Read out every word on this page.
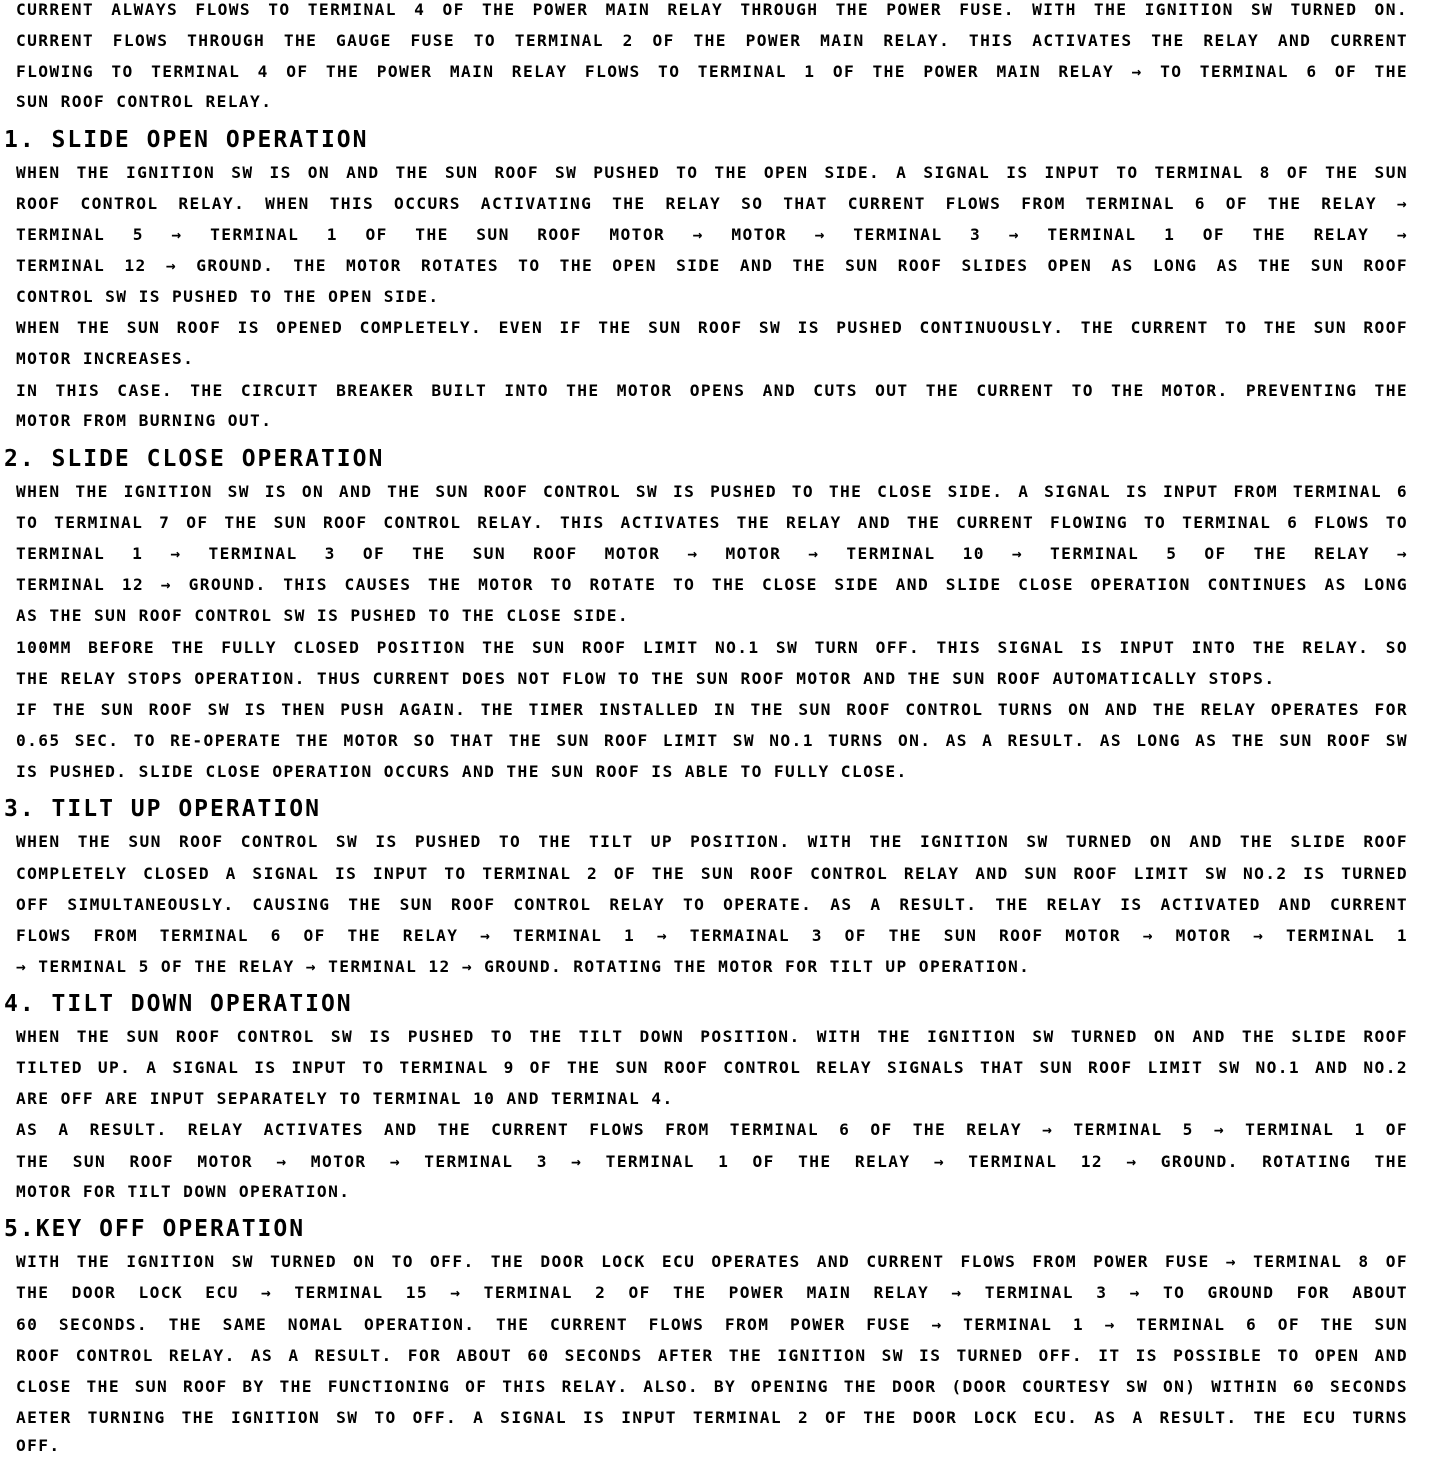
CURRENT ALWAYS FLOWS TO TERMINAL 4 OF THE POWER MAIN RELAY THROUGH THE POWER FUSE. WITH THE IGNITION SW TURNED ON.
CURRENT FLOWS THROUGH THE GAUGE FUSE TO TERMINAL 2 OF THE POWER MAIN RELAY. THIS ACTIVATES THE RELAY AND CURRENT
FLOWING TO TERMINAL 4 OF THE POWER MAIN RELAY FLOWS TO TERMINAL 1 OF THE POWER MAIN RELAY → TO TERMINAL 6 OF THE
SUN ROOF CONTROL RELAY.
1. SLIDE OPEN OPERATION
WHEN THE IGNITION SW IS ON AND THE SUN ROOF SW PUSHED TO THE OPEN SIDE. A SIGNAL IS INPUT TO TERMINAL 8 OF THE SUN
ROOF CONTROL RELAY. WHEN THIS OCCURS ACTIVATING THE RELAY SO THAT CURRENT FLOWS FROM TERMINAL 6 OF THE RELAY →
TERMINAL 5 → TERMINAL 1 OF THE SUN ROOF MOTOR → MOTOR → TERMINAL 3 → TERMINAL 1 OF THE RELAY →
TERMINAL 12 → GROUND. THE MOTOR ROTATES TO THE OPEN SIDE AND THE SUN ROOF SLIDES OPEN AS LONG AS THE SUN ROOF
CONTROL SW IS PUSHED TO THE OPEN SIDE.
WHEN THE SUN ROOF IS OPENED COMPLETELY. EVEN IF THE SUN ROOF SW IS PUSHED CONTINUOUSLY. THE CURRENT TO THE SUN ROOF
MOTOR INCREASES.
IN THIS CASE. THE CIRCUIT BREAKER BUILT INTO THE MOTOR OPENS AND CUTS OUT THE CURRENT TO THE MOTOR. PREVENTING THE
MOTOR FROM BURNING OUT.
2. SLIDE CLOSE OPERATION
WHEN THE IGNITION SW IS ON AND THE SUN ROOF CONTROL SW IS PUSHED TO THE CLOSE SIDE. A SIGNAL IS INPUT FROM TERMINAL 6
TO TERMINAL 7 OF THE SUN ROOF CONTROL RELAY. THIS ACTIVATES THE RELAY AND THE CURRENT FLOWING TO TERMINAL 6 FLOWS TO
TERMINAL 1 → TERMINAL 3 OF THE SUN ROOF MOTOR → MOTOR → TERMINAL 10 → TERMINAL 5 OF THE RELAY →
TERMINAL 12 → GROUND. THIS CAUSES THE MOTOR TO ROTATE TO THE CLOSE SIDE AND SLIDE CLOSE OPERATION CONTINUES AS LONG
AS THE SUN ROOF CONTROL SW IS PUSHED TO THE CLOSE SIDE.
100MM BEFORE THE FULLY CLOSED POSITION THE SUN ROOF LIMIT NO.1 SW TURN OFF. THIS SIGNAL IS INPUT INTO THE RELAY. SO
THE RELAY STOPS OPERATION. THUS CURRENT DOES NOT FLOW TO THE SUN ROOF MOTOR AND THE SUN ROOF AUTOMATICALLY STOPS.
IF THE SUN ROOF SW IS THEN PUSH AGAIN. THE TIMER INSTALLED IN THE SUN ROOF CONTROL TURNS ON AND THE RELAY OPERATES FOR
0.65 SEC. TO RE-OPERATE THE MOTOR SO THAT THE SUN ROOF LIMIT SW NO.1 TURNS ON. AS A RESULT. AS LONG AS THE SUN ROOF SW
IS PUSHED. SLIDE CLOSE OPERATION OCCURS AND THE SUN ROOF IS ABLE TO FULLY CLOSE.
3. TILT UP OPERATION
WHEN THE SUN ROOF CONTROL SW IS PUSHED TO THE TILT UP POSITION. WITH THE IGNITION SW TURNED ON AND THE SLIDE ROOF
COMPLETELY CLOSED A SIGNAL IS INPUT TO TERMINAL 2 OF THE SUN ROOF CONTROL RELAY AND SUN ROOF LIMIT SW NO.2 IS TURNED
OFF SIMULTANEOUSLY. CAUSING THE SUN ROOF CONTROL RELAY TO OPERATE. AS A RESULT. THE RELAY IS ACTIVATED AND CURRENT
FLOWS FROM TERMINAL 6 OF THE RELAY → TERMINAL 1 → TERMAINAL 3 OF THE SUN ROOF MOTOR → MOTOR → TERMINAL 1
→ TERMINAL 5 OF THE RELAY → TERMINAL 12 → GROUND. ROTATING THE MOTOR FOR TILT UP OPERATION.
4. TILT DOWN OPERATION
WHEN THE SUN ROOF CONTROL SW IS PUSHED TO THE TILT DOWN POSITION. WITH THE IGNITION SW TURNED ON AND THE SLIDE ROOF
TILTED UP. A SIGNAL IS INPUT TO TERMINAL 9 OF THE SUN ROOF CONTROL RELAY SIGNALS THAT SUN ROOF LIMIT SW NO.1 AND NO.2
ARE OFF ARE INPUT SEPARATELY TO TERMINAL 10 AND TERMINAL 4.
AS A RESULT. RELAY ACTIVATES AND THE CURRENT FLOWS FROM TERMINAL 6 OF THE RELAY → TERMINAL 5 → TERMINAL 1 OF
THE SUN ROOF MOTOR → MOTOR → TERMINAL 3 → TERMINAL 1 OF THE RELAY → TERMINAL 12 → GROUND. ROTATING THE
MOTOR FOR TILT DOWN OPERATION.
5.KEY OFF OPERATION
WITH THE IGNITION SW TURNED ON TO OFF. THE DOOR LOCK ECU OPERATES AND CURRENT FLOWS FROM POWER FUSE → TERMINAL 8 OF
THE DOOR LOCK ECU → TERMINAL 15 → TERMINAL 2 OF THE POWER MAIN RELAY → TERMINAL 3 → TO GROUND FOR ABOUT
60 SECONDS. THE SAME NOMAL OPERATION. THE CURRENT FLOWS FROM POWER FUSE → TERMINAL 1 → TERMINAL 6 OF THE SUN
ROOF CONTROL RELAY. AS A RESULT. FOR ABOUT 60 SECONDS AFTER THE IGNITION SW IS TURNED OFF. IT IS POSSIBLE TO OPEN AND
CLOSE THE SUN ROOF BY THE FUNCTIONING OF THIS RELAY. ALSO. BY OPENING THE DOOR (DOOR COURTESY SW ON) WITHIN 60 SECONDS
AETER TURNING THE IGNITION SW TO OFF. A SIGNAL IS INPUT TERMINAL 2 OF THE DOOR LOCK ECU. AS A RESULT. THE ECU TURNS
OFF.
